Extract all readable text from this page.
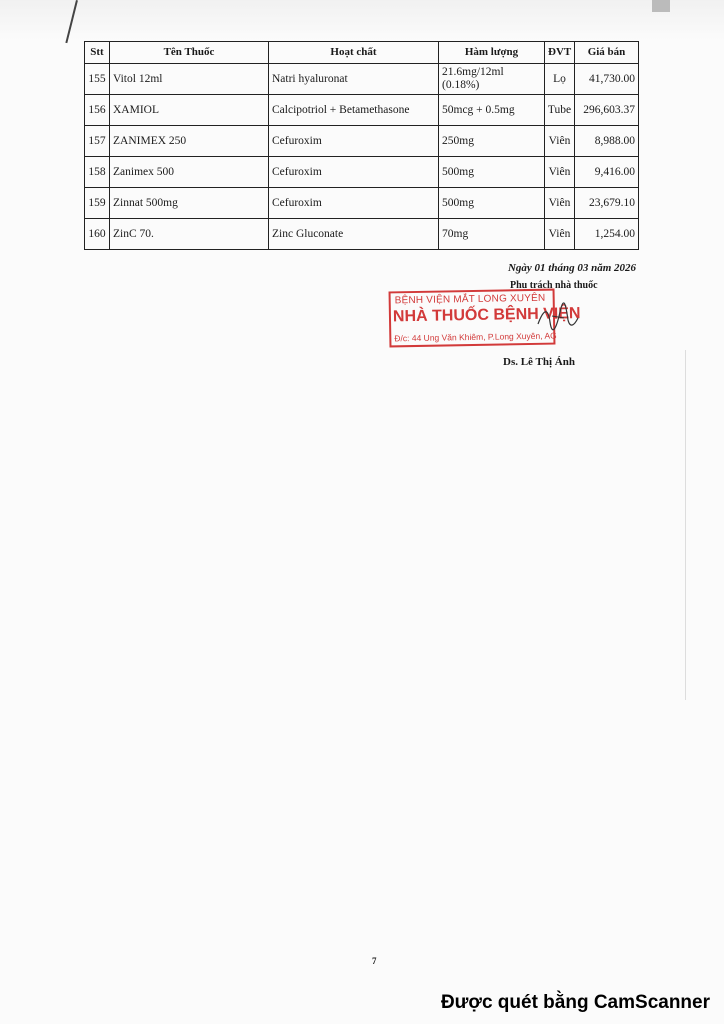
Stt	Tên Thuốc	Hoạt chất	Hàm lượng	ĐVT	Giá bán
155	Vitol 12ml	Natri hyaluronat	21.6mg/12ml (0.18%)	Lọ	41,730.00
156	XAMIOL	Calcipotriol + Betamethasone	50mcg + 0.5mg	Tube	296,603.37
157	ZANIMEX 250	Cefuroxim	250mg	Viên	8,988.00
158	Zanimex 500	Cefuroxim	500mg	Viên	9,416.00
159	Zinnat 500mg	Cefuroxim	500mg	Viên	23,679.10
160	ZinC 70.	Zinc Gluconate	70mg	Viên	1,254.00
Ngày 01 tháng 03 năm 2026
Phụ trách nhà thuốc
BỆNH VIỆN MẮT LONG XUYÊN
NHÀ THUỐC BỆNH VIỆN
Đ/c: 44 Ung Văn Khiêm, P.Long Xuyên, AG
Ds. Lê Thị Ánh
7
Được quét bằng CamScanner
